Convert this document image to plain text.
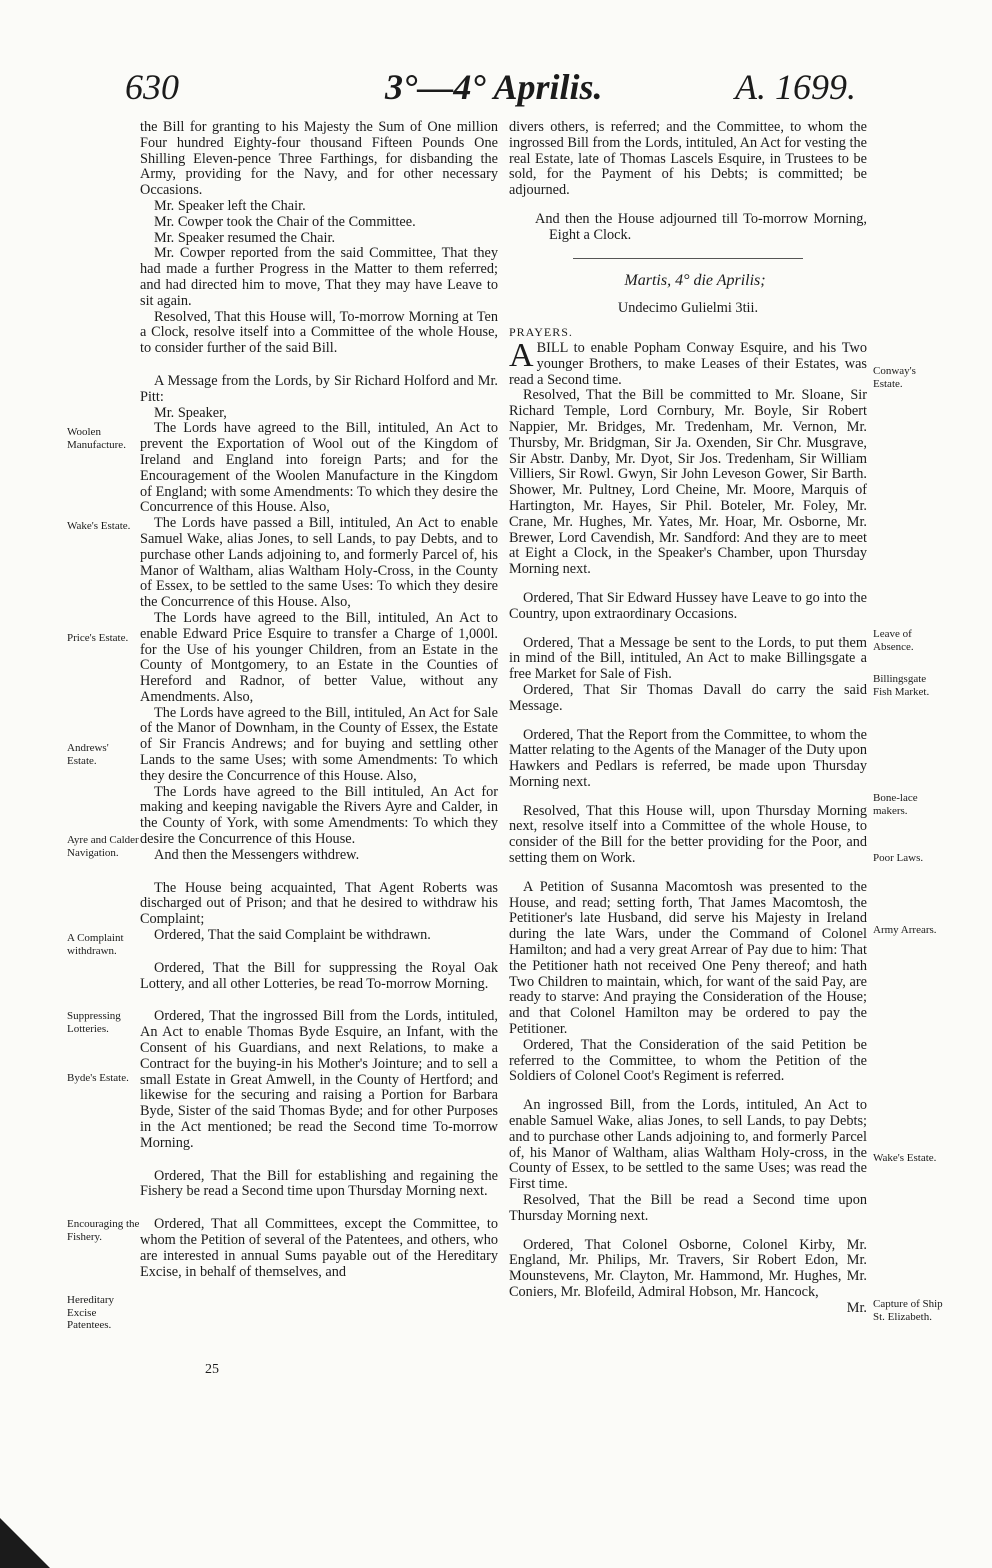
630	3°—4° Aprilis.	A. 1699.

the Bill for granting to his Majesty the Sum of One million Four hundred Eighty-four thousand Fifteen Pounds One Shilling Eleven-pence Three Farthings, for disbanding the Army, providing for the Navy, and for other necessary Occasions.

Mr. Speaker left the Chair.

Mr. Cowper took the Chair of the Committee.

Mr. Speaker resumed the Chair.

Mr. Cowper reported from the said Committee, That they had made a further Progress in the Matter to them referred; and had directed him to move, That they may have Leave to sit again.

Resolved, That this House will, To-morrow Morning at Ten a Clock, resolve itself into a Committee of the whole House, to consider further of the said Bill.

A Message from the Lords, by Sir Richard Holford and Mr. Pitt:

Mr. Speaker,

The Lords have agreed to the Bill, intituled, An Act to prevent the Exportation of Wool out of the Kingdom of Ireland and England into foreign Parts; and for the Encouragement of the Woolen Manufacture in the Kingdom of England; with some Amendments: To which they desire the Concurrence of this House. Also,

The Lords have passed a Bill, intituled, An Act to enable Samuel Wake, alias Jones, to sell Lands, to pay Debts, and to purchase other Lands adjoining to, and formerly Parcel of, his Manor of Waltham, alias Waltham Holy-Cross, in the County of Essex, to be settled to the same Uses: To which they desire the Concurrence of this House. Also,

The Lords have agreed to the Bill, intituled, An Act to enable Edward Price Esquire to transfer a Charge of 1,000l. for the Use of his younger Children, from an Estate in the County of Montgomery, to an Estate in the Counties of Hereford and Radnor, of better Value, without any Amendments. Also,

The Lords have agreed to the Bill, intituled, An Act for Sale of the Manor of Downham, in the County of Essex, the Estate of Sir Francis Andrews; and for buying and settling other Lands to the same Uses; with some Amendments: To which they desire the Concurrence of this House. Also,

The Lords have agreed to the Bill intituled, An Act for making and keeping navigable the Rivers Ayre and Calder, in the County of York, with some Amendments: To which they desire the Concurrence of this House.

And then the Messengers withdrew.

The House being acquainted, That Agent Roberts was discharged out of Prison; and that he desired to withdraw his Complaint;

Ordered, That the said Complaint be withdrawn.

Ordered, That the Bill for suppressing the Royal Oak Lottery, and all other Lotteries, be read To-morrow Morning.

Ordered, That the ingrossed Bill from the Lords, intituled, An Act to enable Thomas Byde Esquire, an Infant, with the Consent of his Guardians, and next Relations, to make a Contract for the buying-in his Mother's Jointure; and to sell a small Estate in Great Amwell, in the County of Hertford; and likewise for the securing and raising a Portion for Barbara Byde, Sister of the said Thomas Byde; and for other Purposes in the Act mentioned; be read the Second time To-morrow Morning.

Ordered, That the Bill for establishing and regaining the Fishery be read a Second time upon Thursday Morning next.

Ordered, That all Committees, except the Committee, to whom the Petition of several of the Patentees, and others, who are interested in annual Sums payable out of the Hereditary Excise, in behalf of themselves, and

25

divers others, is referred; and the Committee, to whom the ingrossed Bill from the Lords, intituled, An Act for vesting the real Estate, late of Thomas Lascels Esquire, in Trustees to be sold, for the Payment of his Debts; is committed; be adjourned.

And then the House adjourned till To-morrow Morning, Eight a Clock.

Martis, 4° die Aprilis;

Undecimo Gulielmi 3tii.

PRAYERS.

ABILL to enable Popham Conway Esquire, and his Two younger Brothers, to make Leases of their Estates, was read a Second time.

Resolved, That the Bill be committed to Mr. Sloane, Sir Richard Temple, Lord Cornbury, Mr. Boyle, Sir Robert Nappier, Mr. Bridges, Mr. Tredenham, Mr. Vernon, Mr. Thursby, Mr. Bridgman, Sir Ja. Oxenden, Sir Chr. Musgrave, Sir Abstr. Danby, Mr. Dyot, Sir Jos. Tredenham, Sir William Villiers, Sir Rowl. Gwyn, Sir John Leveson Gower, Sir Barth. Shower, Mr. Pultney, Lord Cheine, Mr. Moore, Marquis of Hartington, Mr. Hayes, Sir Phil. Boteler, Mr. Foley, Mr. Crane, Mr. Hughes, Mr. Yates, Mr. Hoar, Mr. Osborne, Mr. Brewer, Lord Cavendish, Mr. Sandford: And they are to meet at Eight a Clock, in the Speaker's Chamber, upon Thursday Morning next.

Ordered, That Sir Edward Hussey have Leave to go into the Country, upon extraordinary Occasions.

Ordered, That a Message be sent to the Lords, to put them in mind of the Bill, intituled, An Act to make Billingsgate a free Market for Sale of Fish.

Ordered, That Sir Thomas Davall do carry the said Message.

Ordered, That the Report from the Committee, to whom the Matter relating to the Agents of the Manager of the Duty upon Hawkers and Pedlars is referred, be made upon Thursday Morning next.

Resolved, That this House will, upon Thursday Morning next, resolve itself into a Committee of the whole House, to consider of the Bill for the better providing for the Poor, and setting them on Work.

A Petition of Susanna Macomtosh was presented to the House, and read; setting forth, That James Macomtosh, the Petitioner's late Husband, did serve his Majesty in Ireland during the late Wars, under the Command of Colonel Hamilton; and had a very great Arrear of Pay due to him: That the Petitioner hath not received One Peny thereof; and hath Two Children to maintain, which, for want of the said Pay, are ready to starve: And praying the Consideration of the House; and that Colonel Hamilton may be ordered to pay the Petitioner.

Ordered, That the Consideration of the said Petition be referred to the Committee, to whom the Petition of the Soldiers of Colonel Coot's Regiment is referred.

An ingrossed Bill, from the Lords, intituled, An Act to enable Samuel Wake, alias Jones, to sell Lands, to pay Debts; and to purchase other Lands adjoining to, and formerly Parcel of, his Manor of Waltham, alias Waltham Holy-cross, in the County of Essex, to be settled to the same Uses; was read the First time.

Resolved, That the Bill be read a Second time upon Thursday Morning next.

Ordered, That Colonel Osborne, Colonel Kirby, Mr. England, Mr. Philips, Mr. Travers, Sir Robert Edon, Mr. Mounstevens, Mr. Clayton, Mr. Hammond, Mr. Hughes, Mr. Coniers, Mr. Blofeild, Admiral Hobson, Mr. Hancock,

Mr.

Woolen Manufacture.
Wake's Estate.
Price's Estate.
Andrews' Estate.
Ayre and Calder Navigation.
A Complaint withdrawn.
Suppressing Lotteries.
Byde's Estate.
Encouraging the Fishery.
Hereditary Excise Patentees.
Conway's Estate.
Leave of Absence.
Billingsgate Fish Market.
Bone-lace makers.
Poor Laws.
Army Arrears.
Wake's Estate.
Capture of Ship St. Elizabeth.
